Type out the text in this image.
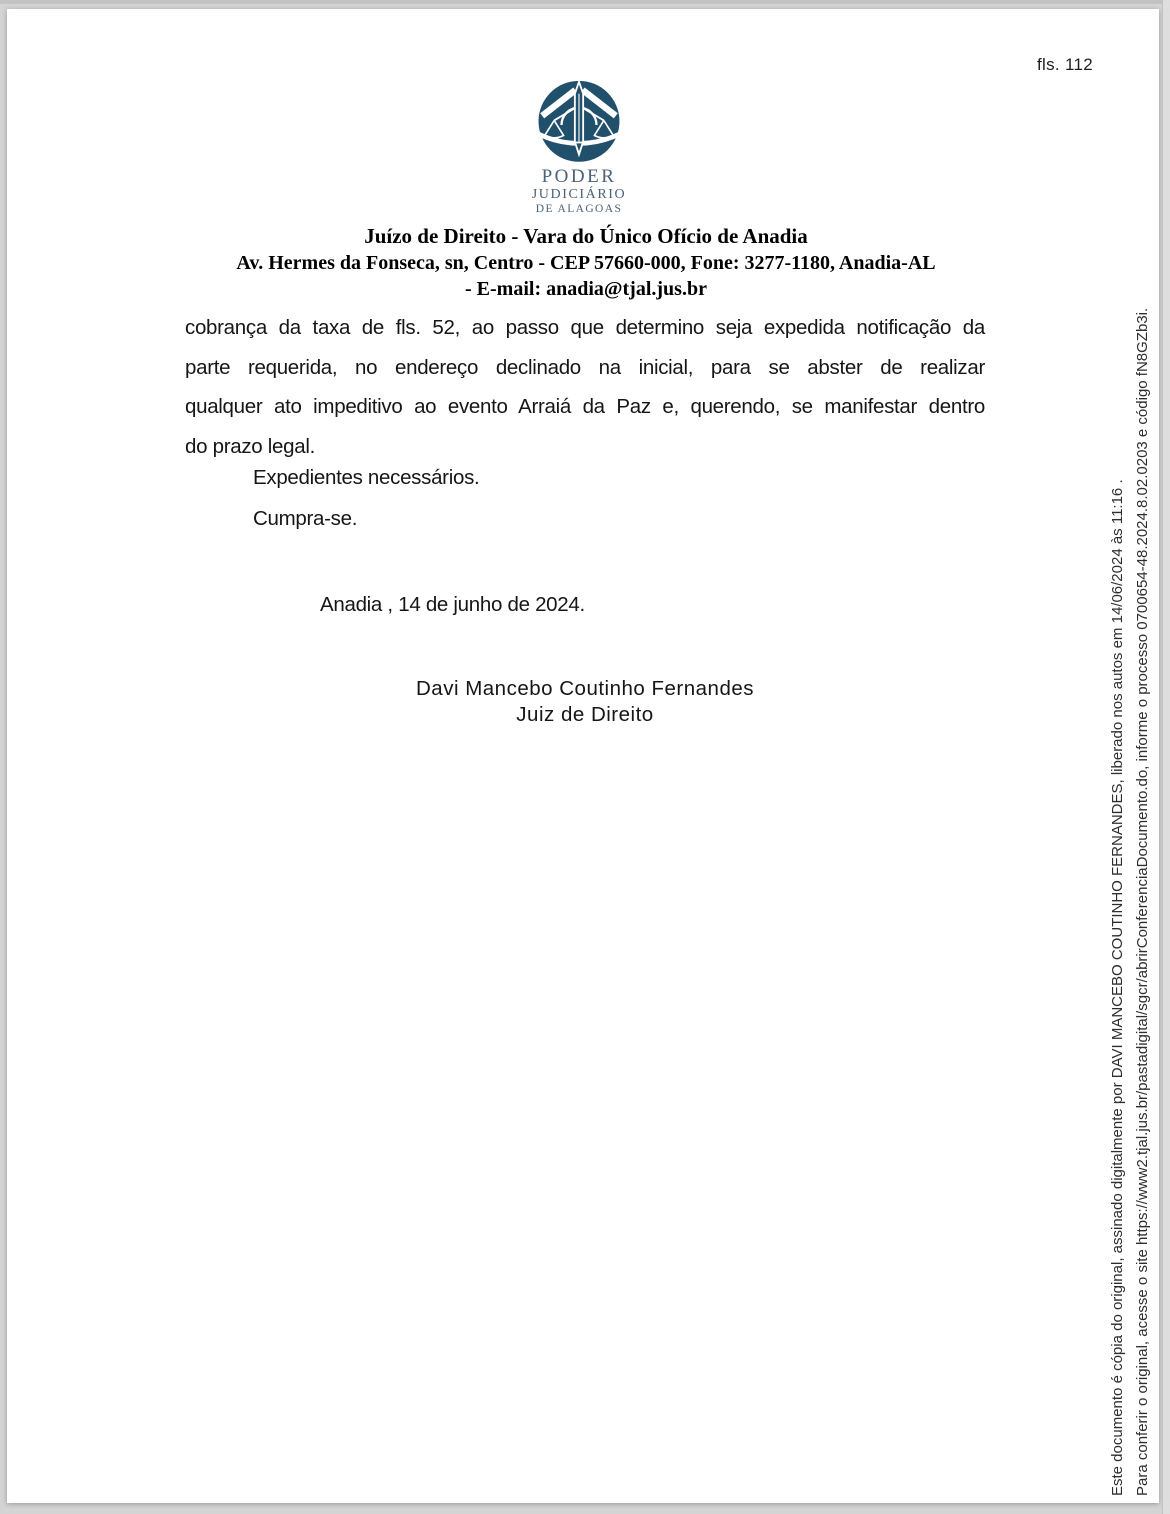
fls. 112
PODER
JUDICIÁRIO
DE ALAGOAS
Juízo de Direito - Vara do Único Ofício de Anadia
Av. Hermes da Fonseca, sn, Centro - CEP 57660-000, Fone: 3277-1180, Anadia-AL
- E-mail: anadia@tjal.jus.br
cobrança da taxa de fls. 52, ao passo que determino seja expedida notificação da
parte requerida, no endereço declinado na inicial, para se abster de realizar
qualquer ato impeditivo ao evento Arraiá da Paz e, querendo, se manifestar dentro
do prazo legal.
Expedientes necessários.
Cumpra-se.
Anadia , 14 de junho de 2024.
Davi Mancebo Coutinho Fernandes
Juiz de Direito	Este documento é cópia do original, assinado digitalmente por DAVI MANCEBO COUTINHO FERNANDES, liberado nos autos em 14/06/2024 às 11:16 . Para conferir o original, acesse o site https://www2.tjal.jus.br/pastadigital/sgcr/abrirConferenciaDocumento.do, informe o processo 0700654-48.2024.8.02.0203 e código fN8GZb3i.
